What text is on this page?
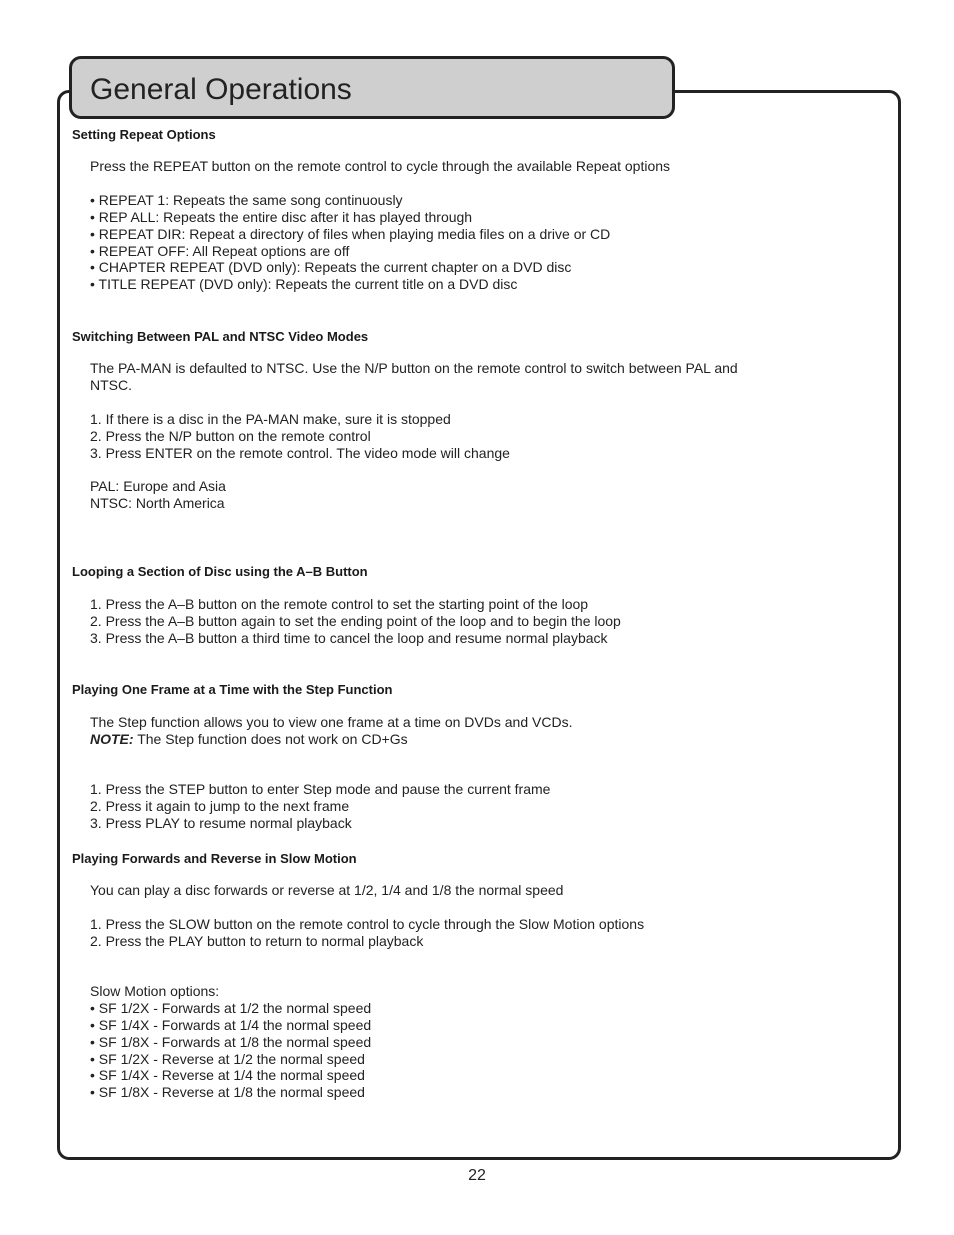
General Operations
Setting Repeat Options
Press the REPEAT button on the remote control to cycle through the available Repeat options
• REPEAT 1: Repeats the same song continuously
• REP ALL: Repeats the entire disc after it has played through
• REPEAT DIR: Repeat a directory of files when playing media files on a drive or CD
• REPEAT OFF: All Repeat options are off
• CHAPTER REPEAT (DVD only): Repeats the current chapter on a DVD disc
• TITLE REPEAT (DVD only): Repeats the current title on a DVD disc
Switching Between PAL and NTSC Video Modes
The PA-MAN is defaulted to NTSC. Use the N/P button on the remote control to switch between PAL and
NTSC.
1. If there is a disc in the PA-MAN make, sure it is stopped
2. Press the N/P button on the remote control
3. Press ENTER on the remote control. The video mode will change
PAL: Europe and Asia
NTSC: North America
Looping a Section of Disc using the A–B Button
1. Press the A–B button on the remote control to set the starting point of the loop
2. Press the A–B button again to set the ending point of the loop and to begin the loop
3. Press the A–B button a third time to cancel the loop and resume normal playback
Playing One Frame at a Time with the Step Function
The Step function allows you to view one frame at a time on DVDs and VCDs.
NOTE: The Step function does not work on CD+Gs
1. Press the STEP button to enter Step mode and pause the current frame
2. Press it again to jump to the next frame
3. Press PLAY to resume normal playback
Playing Forwards and Reverse in Slow Motion
You can play a disc forwards or reverse at 1/2, 1/4 and 1/8 the normal speed
1. Press the SLOW button on the remote control to cycle through the Slow Motion options
2. Press the PLAY button to return to normal playback
Slow Motion options:
• SF 1/2X - Forwards at 1/2 the normal speed
• SF 1/4X - Forwards at 1/4 the normal speed
• SF 1/8X - Forwards at 1/8 the normal speed
• SF 1/2X - Reverse at 1/2 the normal speed
• SF 1/4X - Reverse at 1/4 the normal speed
• SF 1/8X - Reverse at 1/8 the normal speed
22
